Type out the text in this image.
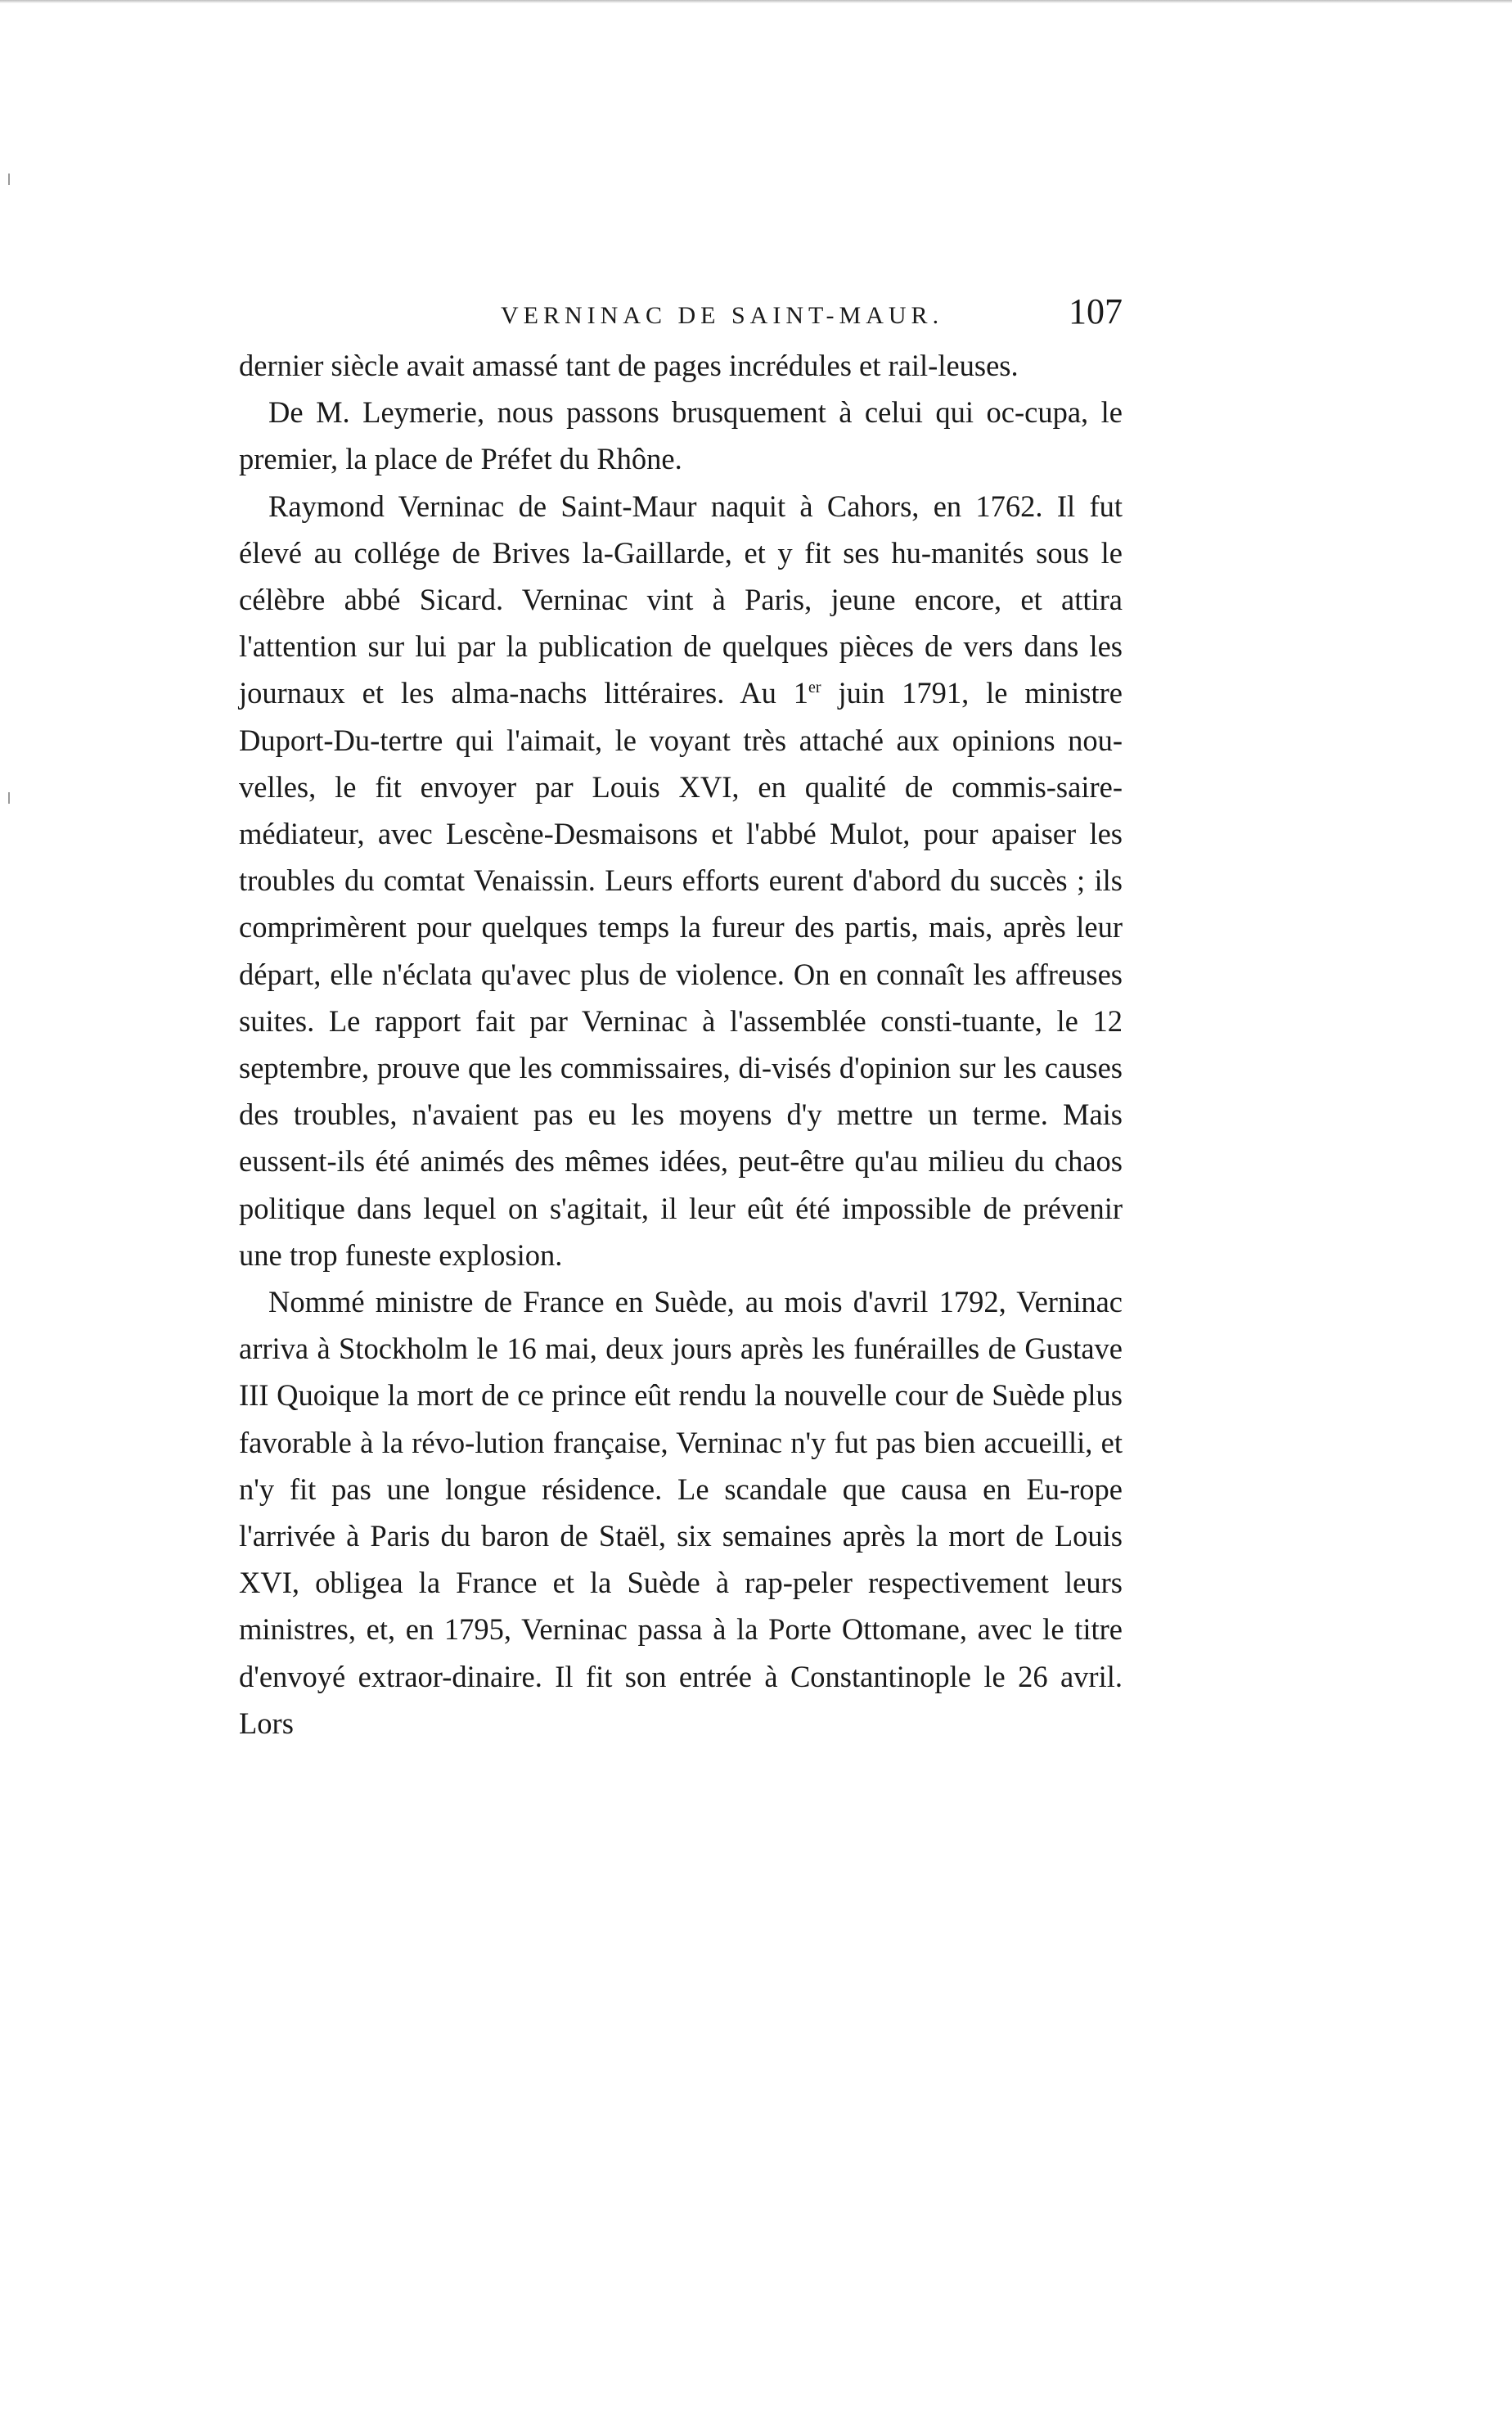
VERNINAC DE SAINT-MAUR.	107

dernier siècle avait amassé tant de pages incrédules et rail-leuses.

De M. Leymerie, nous passons brusquement à celui qui oc-cupa, le premier, la place de Préfet du Rhône.

Raymond Verninac de Saint-Maur naquit à Cahors, en 1762. Il fut élevé au collége de Brives la-Gaillarde, et y fit ses hu-manités sous le célèbre abbé Sicard. Verninac vint à Paris, jeune encore, et attira l'attention sur lui par la publication de quelques pièces de vers dans les journaux et les alma-nachs littéraires. Au 1er juin 1791, le ministre Duport-Du-tertre qui l'aimait, le voyant très attaché aux opinions nou-velles, le fit envoyer par Louis XVI, en qualité de commis-saire-médiateur, avec Lescène-Desmaisons et l'abbé Mulot, pour apaiser les troubles du comtat Venaissin. Leurs efforts eurent d'abord du succès ; ils comprimèrent pour quelques temps la fureur des partis, mais, après leur départ, elle n'éclata qu'avec plus de violence. On en connaît les affreuses suites. Le rapport fait par Verninac à l'assemblée consti-tuante, le 12 septembre, prouve que les commissaires, di-visés d'opinion sur les causes des troubles, n'avaient pas eu les moyens d'y mettre un terme. Mais eussent-ils été animés des mêmes idées, peut-être qu'au milieu du chaos politique dans lequel on s'agitait, il leur eût été impossible de prévenir une trop funeste explosion.

Nommé ministre de France en Suède, au mois d'avril 1792, Verninac arriva à Stockholm le 16 mai, deux jours après les funérailles de Gustave III Quoique la mort de ce prince eût rendu la nouvelle cour de Suède plus favorable à la révo-lution française, Verninac n'y fut pas bien accueilli, et n'y fit pas une longue résidence. Le scandale que causa en Eu-rope l'arrivée à Paris du baron de Staël, six semaines après la mort de Louis XVI, obligea la France et la Suède à rap-peler respectivement leurs ministres, et, en 1795, Verninac passa à la Porte Ottomane, avec le titre d'envoyé extraor-dinaire. Il fit son entrée à Constantinople le 26 avril. Lors
